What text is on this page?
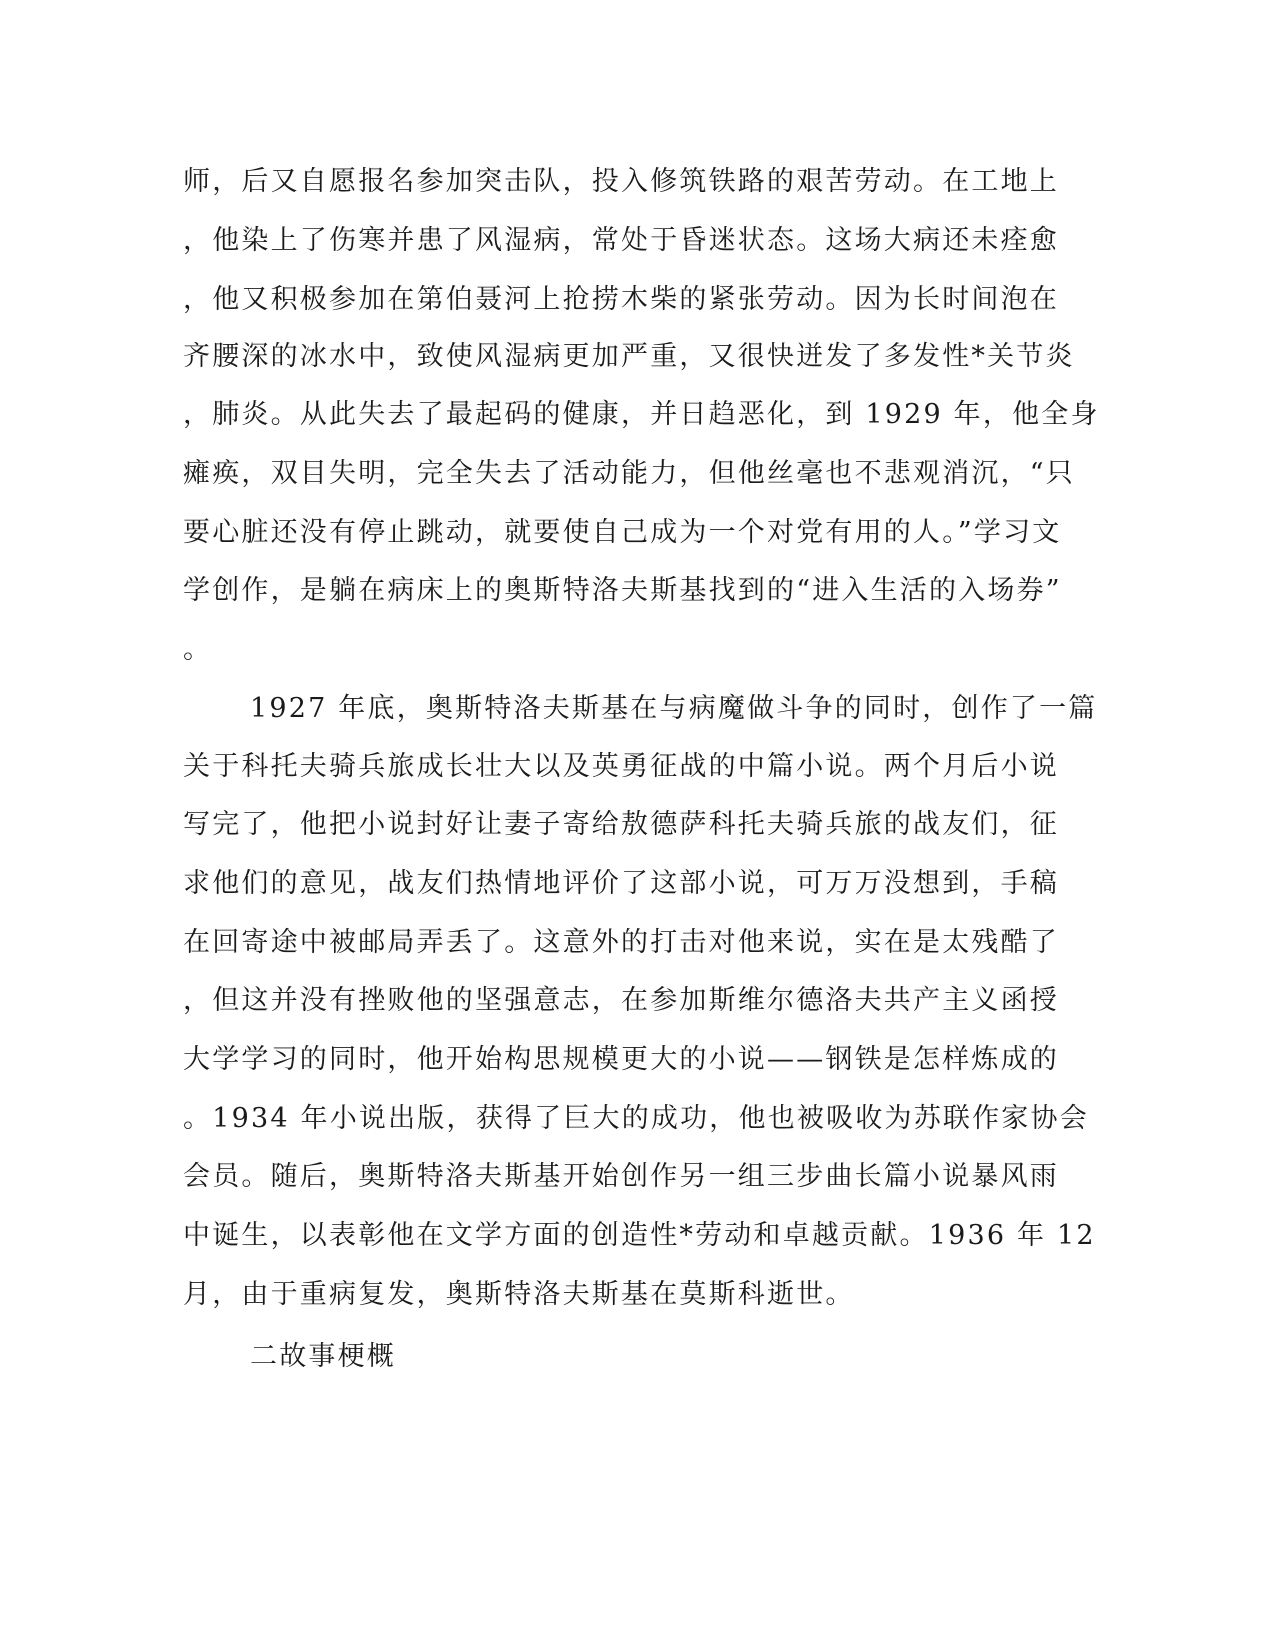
师，后又自愿报名参加突击队，投入修筑铁路的艰苦劳动。在工地上

，他染上了伤寒并患了风湿病，常处于昏迷状态。这场大病还未痊愈

，他又积极参加在第伯聂河上抢捞木柴的紧张劳动。因为长时间泡在

齐腰深的冰水中，致使风湿病更加严重，又很快迸发了多发性*关节炎

，肺炎。从此失去了最起码的健康，并日趋恶化，到 1929 年，他全身

瘫痪，双目失明，完全失去了活动能力，但他丝毫也不悲观消沉，“只

要心脏还没有停止跳动，就要使自己成为一个对党有用的人。”学习文

学创作，是躺在病床上的奥斯特洛夫斯基找到的“进入生活的入场券”

。

1927 年底，奥斯特洛夫斯基在与病魔做斗争的同时，创作了一篇

关于科托夫骑兵旅成长壮大以及英勇征战的中篇小说。两个月后小说

写完了，他把小说封好让妻子寄给敖德萨科托夫骑兵旅的战友们，征

求他们的意见，战友们热情地评价了这部小说，可万万没想到，手稿

在回寄途中被邮局弄丢了。这意外的打击对他来说，实在是太残酷了

，但这并没有挫败他的坚强意志，在参加斯维尔德洛夫共产主义函授

大学学习的同时，他开始构思规模更大的小说——钢铁是怎样炼成的

。1934 年小说出版，获得了巨大的成功，他也被吸收为苏联作家协会

会员。随后，奥斯特洛夫斯基开始创作另一组三步曲长篇小说暴风雨

中诞生，以表彰他在文学方面的创造性*劳动和卓越贡献。1936 年 12

月，由于重病复发，奥斯特洛夫斯基在莫斯科逝世。

二故事梗概
